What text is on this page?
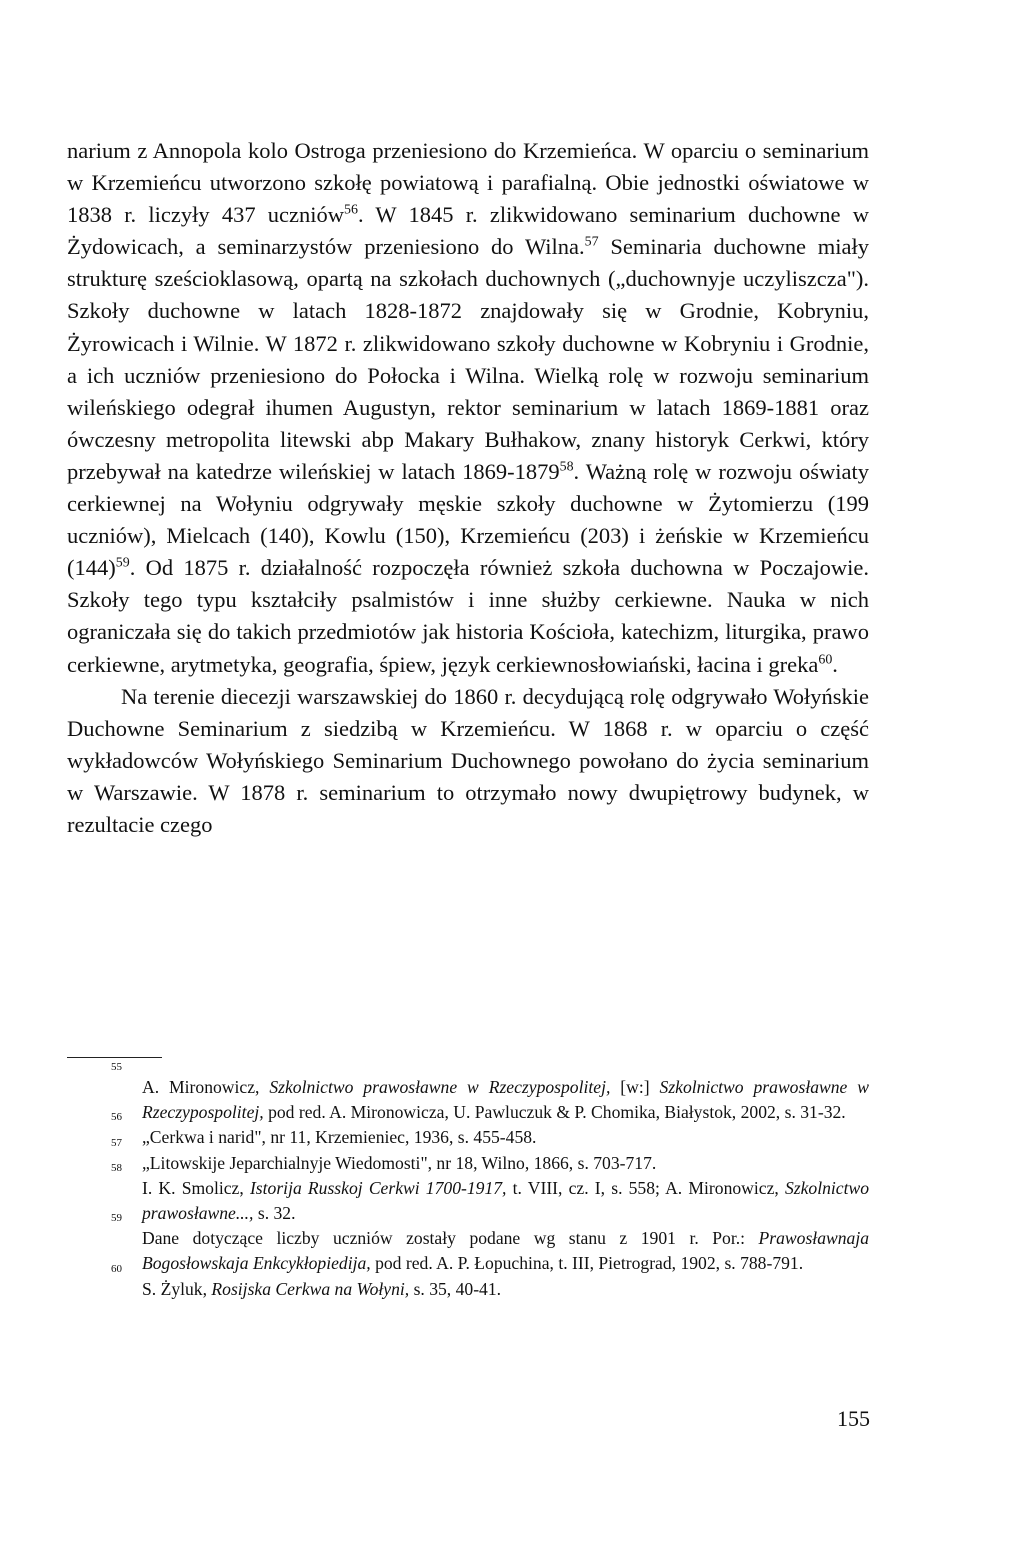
narium z Annopola kolo Ostroga przeniesiono do Krzemieńca. W oparciu o seminarium w Krzemieńcu utworzono szkołę powiatową i parafialną. Obie jednostki oświatowe w 1838 r. liczyły 437 uczniów$^{56}$. W 1845 r. zlikwidowano seminarium duchowne w Żydowicach, a seminarzystów przeniesiono do Wilna.$^{57}$ Seminaria duchowne miały strukturę sześcioklasową, opartą na szkołach duchownych („duchownyje uczyliszcza"). Szkoły duchowne w latach 1828-1872 znajdowały się w Grodnie, Kobryniu, Żyrowicach i Wilnie. W 1872 r. zlikwidowano szkoły duchowne w Kobryniu i Grodnie, a ich uczniów przeniesiono do Połocka i Wilna. Wielką rolę w rozwoju seminarium wileńskiego odegrał ihumen Augustyn, rektor seminarium w latach 1869-1881 oraz ówczesny metropolita litewski abp Makary Bułhakow, znany historyk Cerkwi, który przebywał na katedrze wileńskiej w latach 1869-1879$^{58}$. Ważną rolę w rozwoju oświaty cerkiewnej na Wołyniu odgrywały męskie szkoły duchowne w Żytomierzu (199 uczniów), Mielcach (140), Kowlu (150), Krzemieńcu (203) i żeńskie w Krzemieńcu $(144)^{59}$. Od 1875 r. działalność rozpoczęła również szkoła duchowna w Poczajowie. Szkoły tego typu kształciły psalmistów i inne służby cerkiewne. Nauka w nich ograniczała się do takich przedmiotów jak historia Kościoła, katechizm, liturgika, prawo cerkiewne, arytmetyka, geografia, śpiew, język cerkiewnosłowiański, łacina i greka$^{60}$.

Na terenie diecezji warszawskiej do 1860 r. decydującą rolę odgrywało Wołyńskie Duchowne Seminarium z siedzibą w Krzemieńcu. W 1868 r. w oparciu o część wykładowców Wołyńskiego Seminarium Duchownego powołano do życia seminarium w Warszawie. W 1878 r. seminarium to otrzymało nowy dwupiętrowy budynek, w rezultacie czego

55
A. Mironowicz, Szkolnictwo prawosławne w Rzeczypospolitej, [w:] Szkolnictwo prawosławne w Rzeczypospolitej, pod red. A. Mironowicza, U. Pawluczuk & P. Chomika, Białystok, 2002, s. 31-32.
56
„Cerkwa i narid", nr 11, Krzemieniec, 1936, s. 455-458.
57
„Litowskije Jeparchialnyje Wiedomosti", nr 18, Wilno, 1866, s. 703-717.
58
I. K. Smolicz, Istorija Russkoj Cerkwi 1700-1917, t. VIII, cz. I, s. 558; A. Mironowicz, Szkolnictwo prawosławne..., s. 32.
59
Dane dotyczące liczby uczniów zostały podane wg stanu z 1901 r. Por.: Prawosławnaja Bogosłowskaja Enkcykłopiedija, pod red. A. P. Łopuchina, t. III, Pietrograd, 1902, s. 788-791.
60
S. Żyluk, Rosijska Cerkwa na Wołyni, s. 35, 40-41.
155
